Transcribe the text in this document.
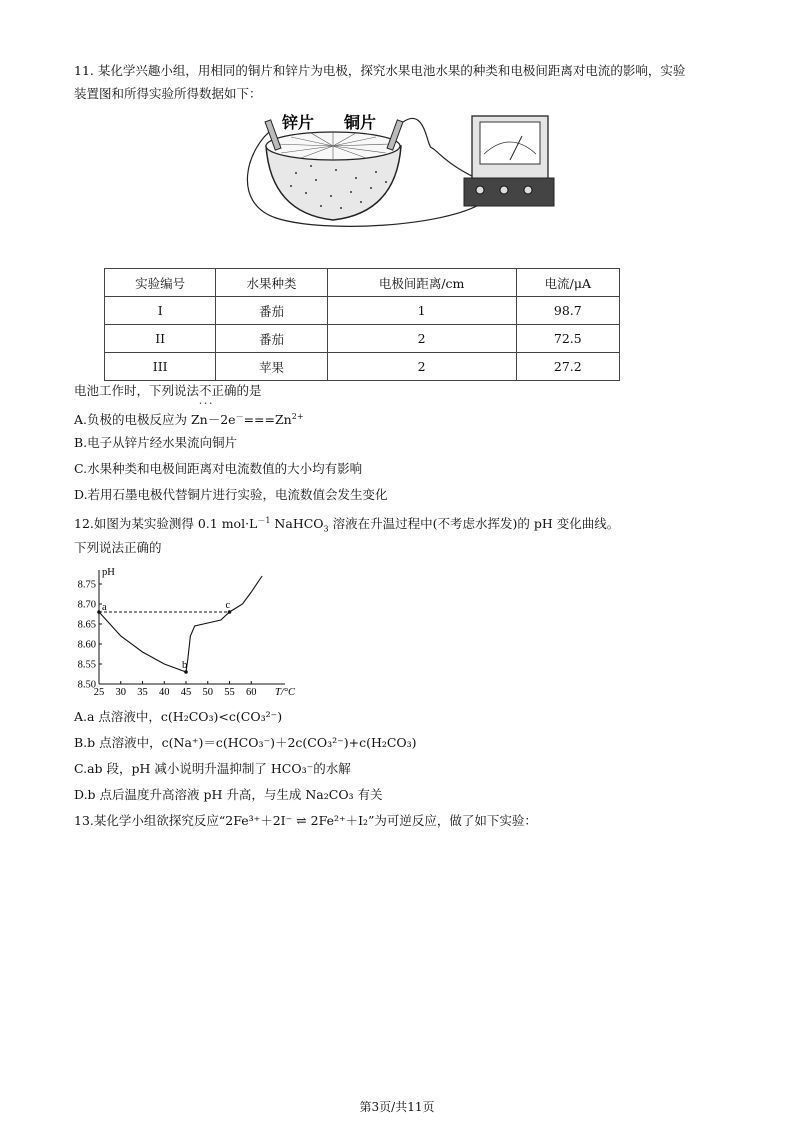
11. 某化学兴趣小组，用相同的铜片和锌片为电极，探究水果电池水果的种类和电极间距离对电流的影响，实验
装置图和所得实验所得数据如下：
锌片 铜片
实验编号	水果种类	电极间距离/cm	电流/μA
I	番茄	1	98.7
II	番茄	2	72.5
III	苹果	2	27.2
电池工作时，下列说法不正确 • • •的是
A.负极的电极反应为 $Zn-2e^-===Zn^{2+}$
B.电子从锌片经水果流向铜片
C.水果种类和电极间距离对电流数值的大小均有影响
D.若用石墨电极代替铜片进行实验，电流数值会发生变化
12.如图为某实验测得 0.1 $mol\cdot L^{-1}$ NaHCO$_3$ 溶液在升温过程中(不考虑水挥发)的 pH 变化曲线。
下列说法正确的
25 30 35 40 45 50 55 60
8.50
8.55
8.60
8.65
8.70
8.75
pH
T/°C
a
b
c
A.a 点溶液中，c(H₂CO₃)<c(CO₃²⁻)
B.b 点溶液中，c(Na⁺)＝c(HCO₃⁻)＋2c(CO₃²⁻)+c(H₂CO₃)
C.ab 段，pH 减小说明升温抑制了 HCO₃⁻的水解
D.b 点后温度升高溶液 pH 升高，与生成 Na₂CO₃ 有关
13.某化学小组欲探究反应“2Fe³⁺＋2I⁻ ⇌ 2Fe²⁺＋I₂”为可逆反应，做了如下实验：
第3页/共11页
